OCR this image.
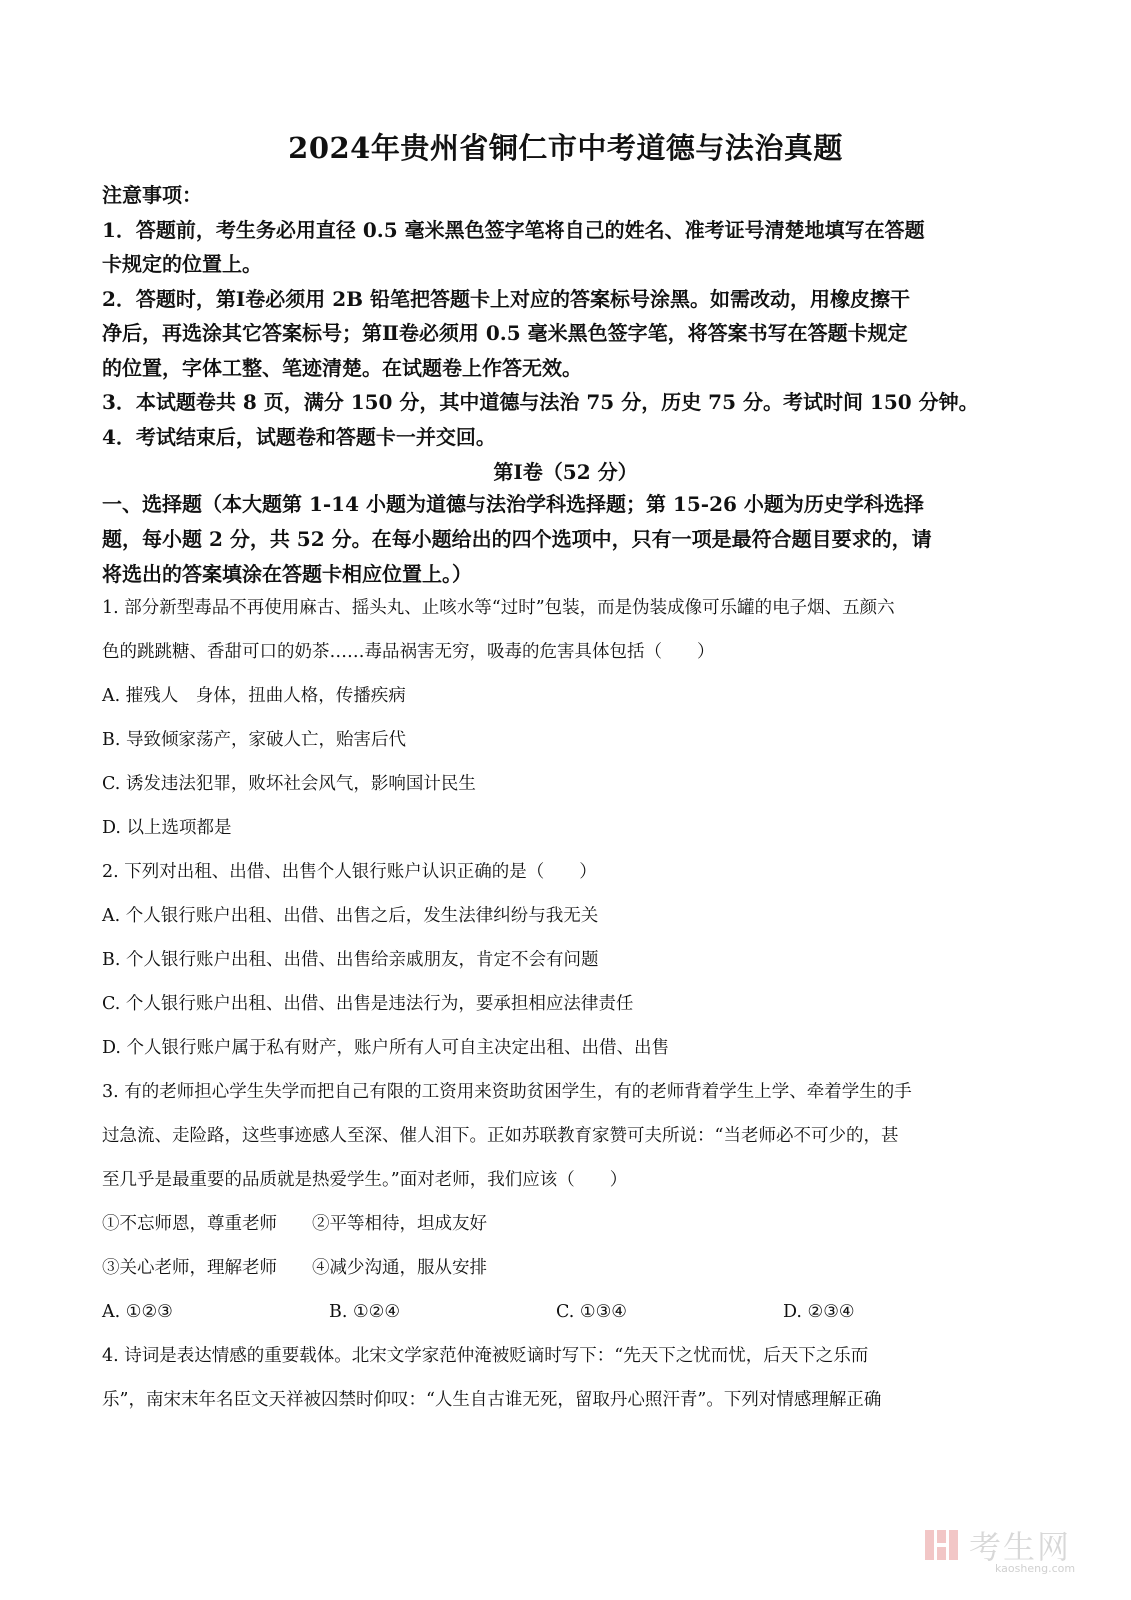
2024年贵州省铜仁市中考道德与法治真题

注意事项：

1．答题前，考生务必用直径 0.5 毫米黑色签字笔将自己的姓名、准考证号清楚地填写在答题

卡规定的位置上。

2．答题时，第Ⅰ卷必须用 2B 铅笔把答题卡上对应的答案标号涂黑。如需改动，用橡皮擦干

净后，再选涂其它答案标号；第Ⅱ卷必须用 0.5 毫米黑色签字笔，将答案书写在答题卡规定

的位置，字体工整、笔迹清楚。在试题卷上作答无效。

3．本试题卷共 8 页，满分 150 分，其中道德与法治 75 分，历史 75 分。考试时间 150 分钟。

4．考试结束后，试题卷和答题卡一并交回。

第Ⅰ卷（52 分）
一、选择题（本大题第 1-14 小题为道德与法治学科选择题；第 15-26 小题为历史学科选择
题，每小题 2 分，共 52 分。在每小题给出的四个选项中，只有一项是最符合题目要求的，请
将选出的答案填涂在答题卡相应位置上。）
1. 部分新型毒品不再使用麻古、摇头丸、止咳水等“过时”包装，而是伪装成像可乐罐的电子烟、五颜六
色的跳跳糖、香甜可口的奶茶……毒品祸害无穷，吸毒的危害具体包括（　　）
A. 摧残人　身体，扭曲人格，传播疾病
B. 导致倾家荡产，家破人亡，贻害后代
C. 诱发违法犯罪，败坏社会风气，影响国计民生
D. 以上选项都是
2. 下列对出租、出借、出售个人银行账户认识正确的是（　　）
A. 个人银行账户出租、出借、出售之后，发生法律纠纷与我无关
B. 个人银行账户出租、出借、出售给亲戚朋友，肯定不会有问题
C. 个人银行账户出租、出借、出售是违法行为，要承担相应法律责任
D. 个人银行账户属于私有财产，账户所有人可自主决定出租、出借、出售
3. 有的老师担心学生失学而把自己有限的工资用来资助贫困学生，有的老师背着学生上学、牵着学生的手
过急流、走险路，这些事迹感人至深、催人泪下。正如苏联教育家赞可夫所说：“当老师必不可少的，甚
至几乎是最重要的品质就是热爱学生。”面对老师，我们应该（　　）
①不忘师恩，尊重老师　　②平等相待，坦成友好
③关心老师，理解老师　　④减少沟通，服从安排
A. ①②③	B. ①②④	C. ①③④	D. ②③④
4. 诗词是表达情感的重要载体。北宋文学家范仲淹被贬谪时写下：“先天下之忧而忧，后天下之乐而
乐”，南宋末年名臣文天祥被囚禁时仰叹：“人生自古谁无死，留取丹心照汗青”。下列对情感理解正确
考生网
kaosheng.com
